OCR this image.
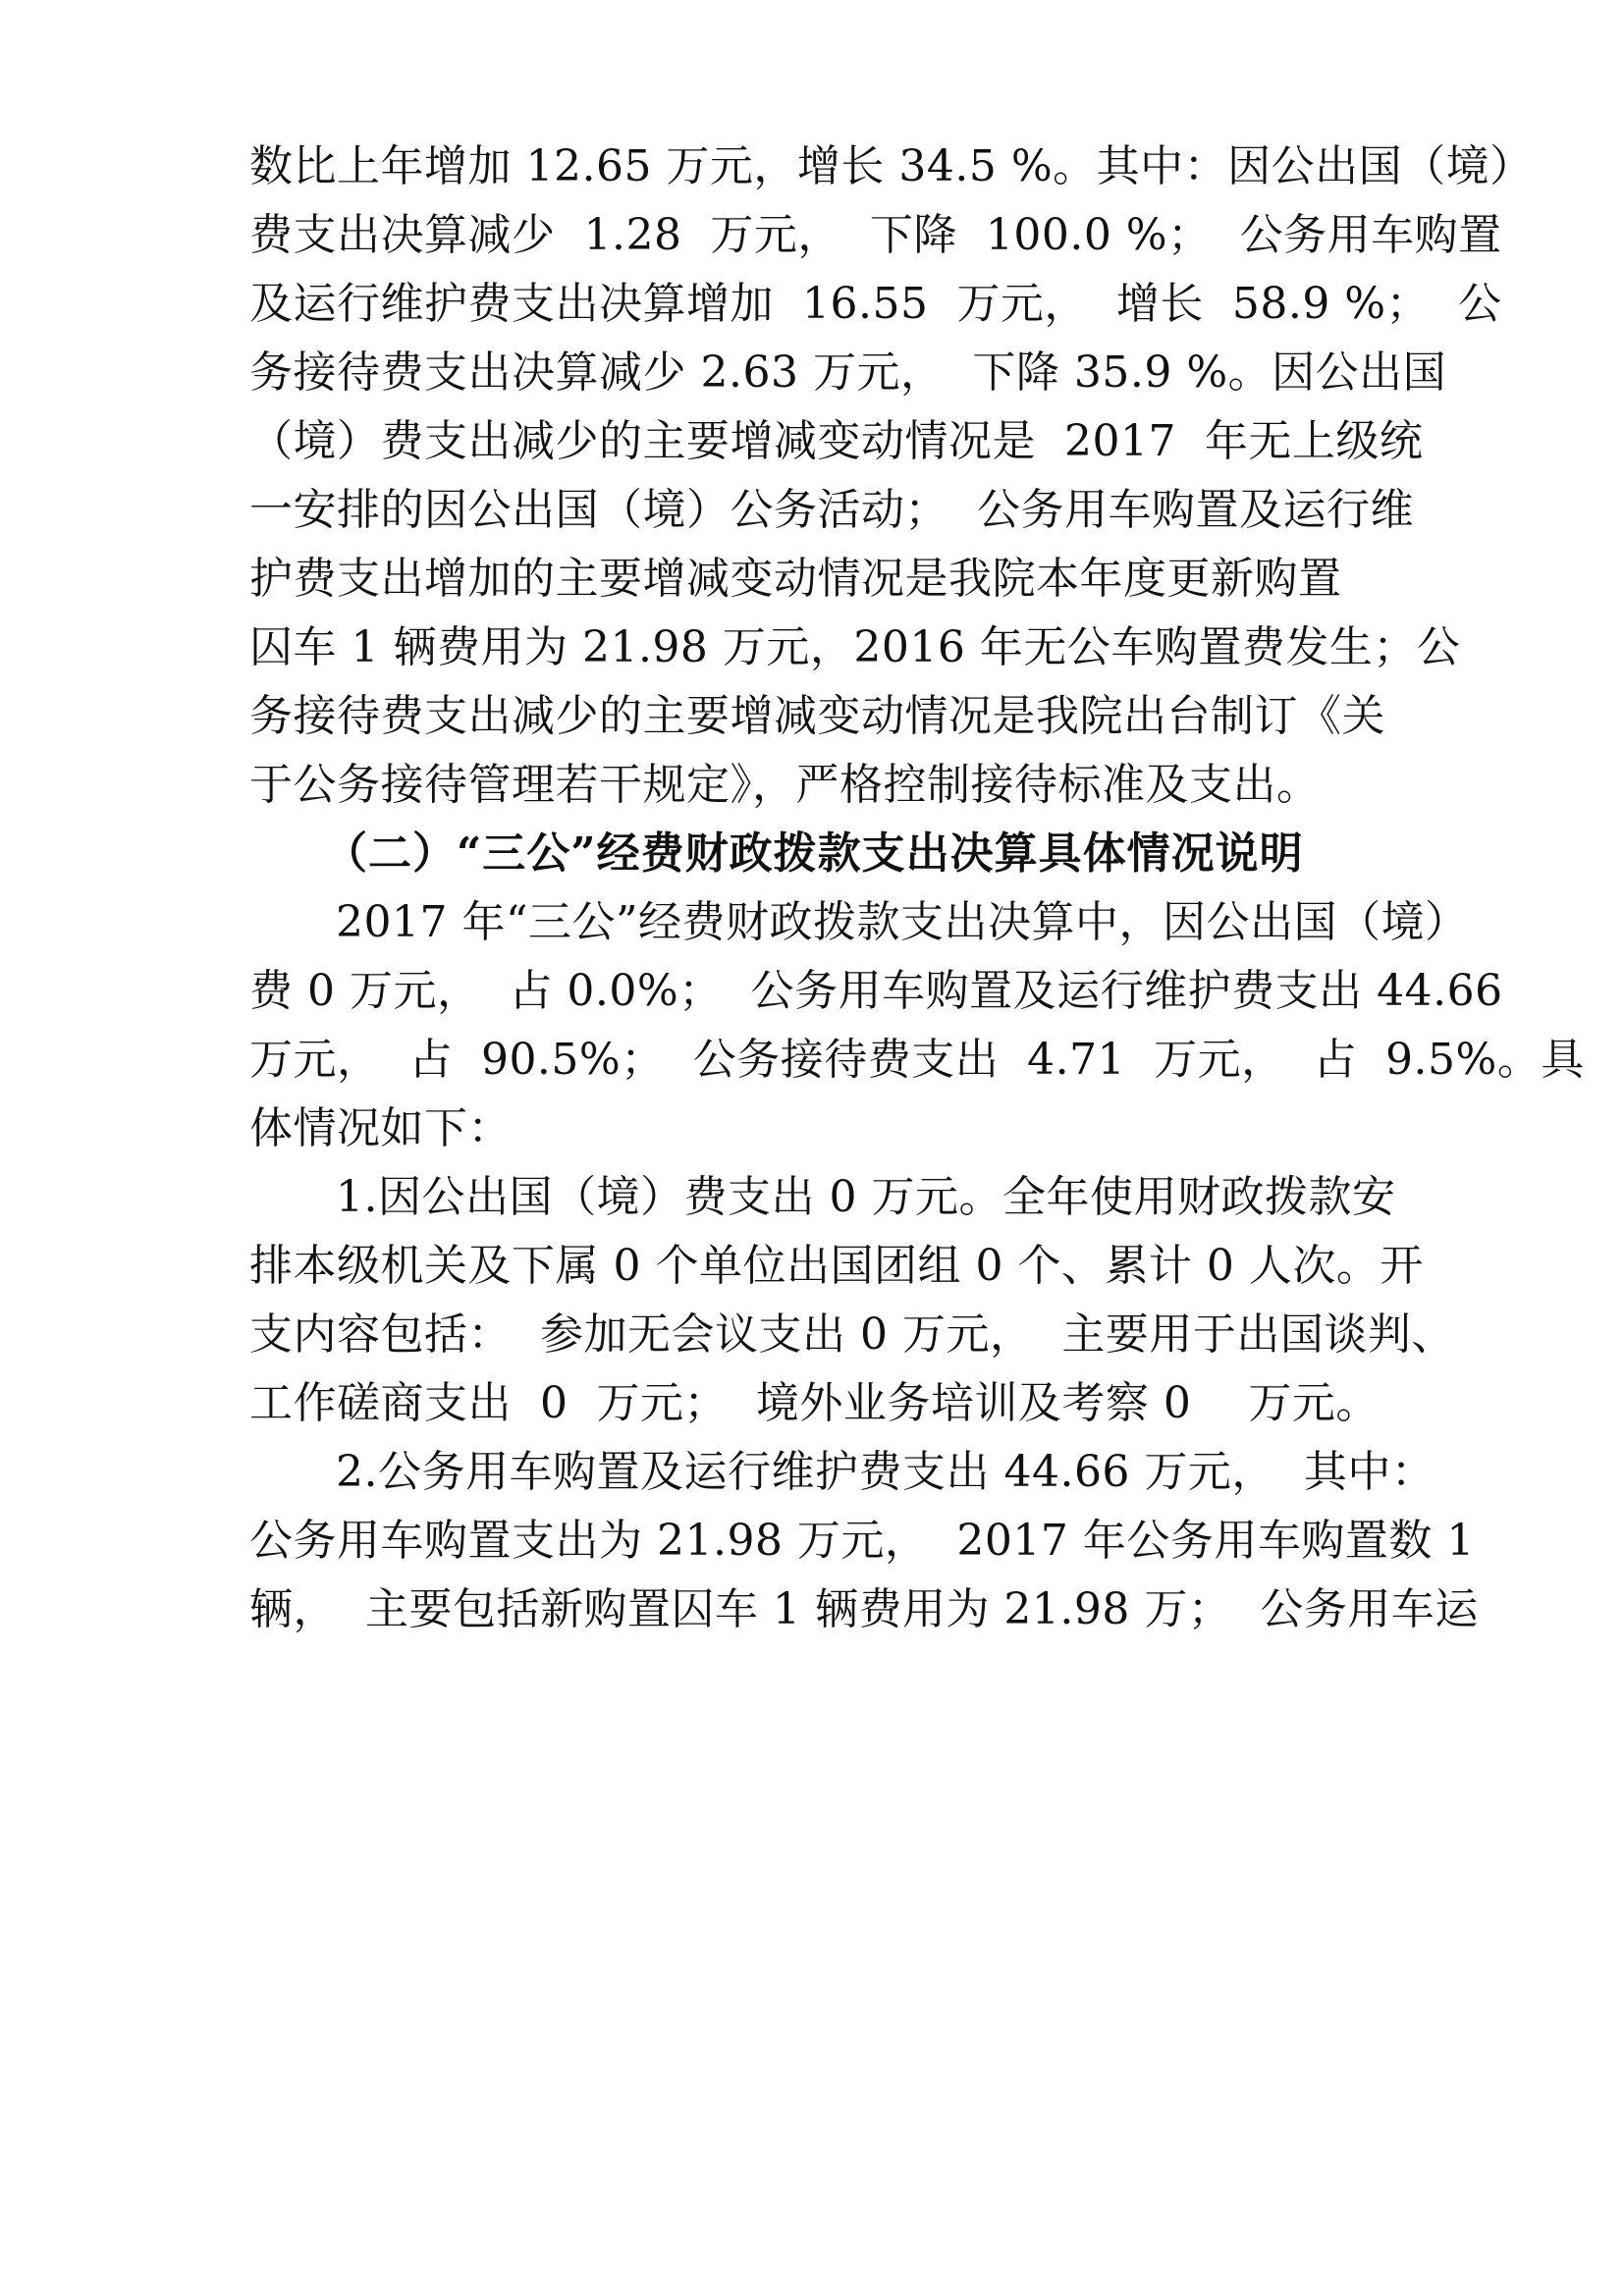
数比上年增加 12.65 万元，增长 34.5 %。其中：因公出国（境）
费支出决算减少  1.28  万元，  下降  100.0 %；  公务用车购置
及运行维护费支出决算增加  16.55  万元，  增长  58.9 %；  公
务接待费支出决算减少 2.63 万元，  下降 35.9 %。因公出国
（境）费支出减少的主要增减变动情况是  2017  年无上级统
一安排的因公出国（境）公务活动；  公务用车购置及运行维
护费支出增加的主要增减变动情况是我院本年度更新购置
囚车 1 辆费用为 21.98 万元，2016 年无公车购置费发生；公
务接待费支出减少的主要增减变动情况是我院出台制订《关
于公务接待管理若干规定》，严格控制接待标准及支出。
（二）“三公”经费财政拨款支出决算具体情况说明
2017 年“三公”经费财政拨款支出决算中，因公出国（境）
费 0 万元，  占 0.0%；  公务用车购置及运行维护费支出 44.66
万元，  占  90.5%；  公务接待费支出  4.71  万元，  占  9.5%。具
体情况如下：
1.因公出国（境）费支出 0 万元。全年使用财政拨款安
排本级机关及下属 0 个单位出国团组 0 个、累计 0 人次。开
支内容包括：  参加无会议支出 0 万元，  主要用于出国谈判、
工作磋商支出  0  万元；  境外业务培训及考察 0    万元。
2.公务用车购置及运行维护费支出 44.66 万元，  其中：
公务用车购置支出为 21.98 万元，  2017 年公务用车购置数 1
辆，  主要包括新购置囚车 1 辆费用为 21.98 万；  公务用车运
